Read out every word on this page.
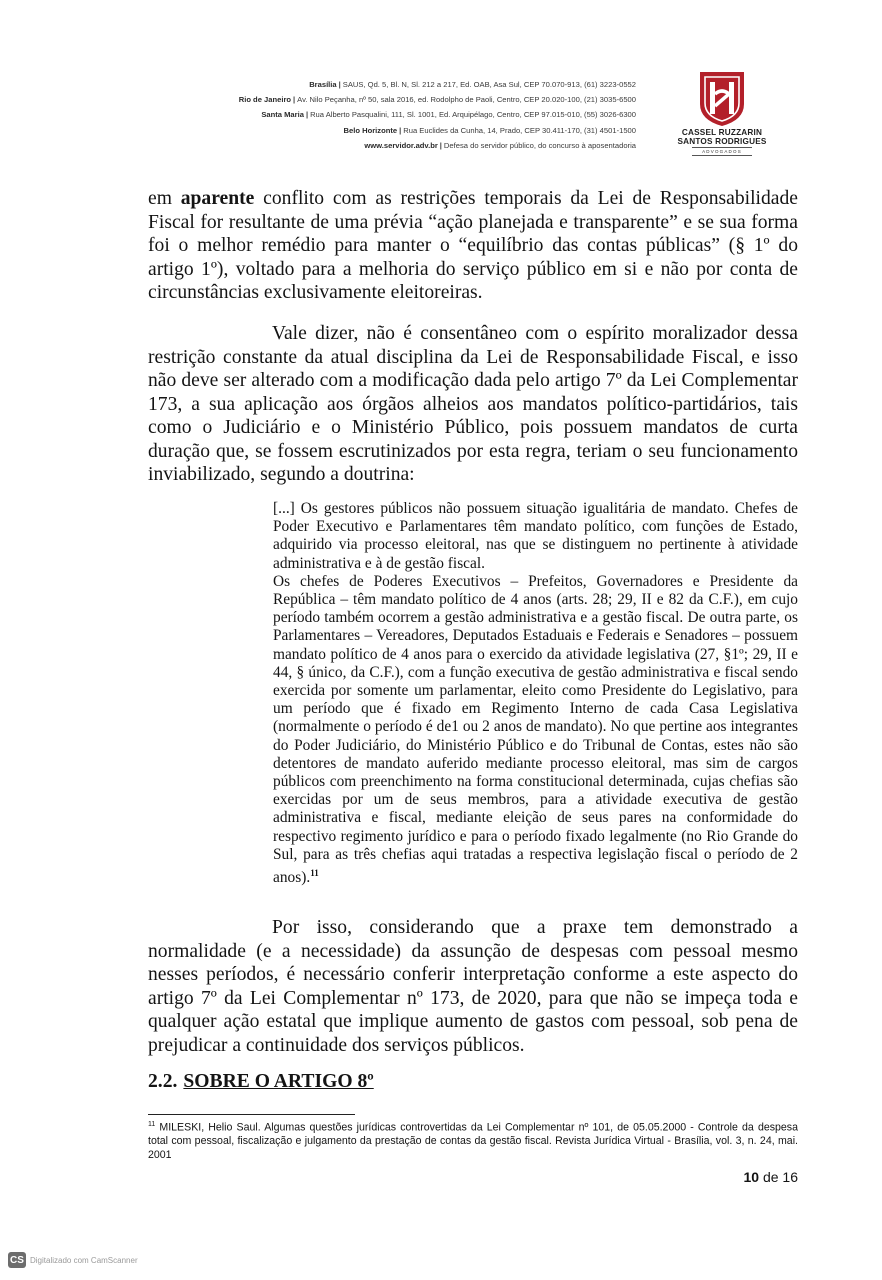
Brasília | SAUS, Qd. 5, Bl. N, Sl. 212 a 217, Ed. OAB, Asa Sul, CEP 70.070-913, (61) 3223-0552
Rio de Janeiro | Av. Nilo Peçanha, nº 50, sala 2016, ed. Rodolpho de Paoli, Centro, CEP 20.020-100, (21) 3035-6500
Santa Maria | Rua Alberto Pasqualini, 111, Sl. 1001, Ed. Arquipélago, Centro, CEP 97.015-010, (55) 3026-6300
Belo Horizonte | Rua Euclides da Cunha, 14, Prado, CEP 30.411-170, (31) 4501-1500
www.servidor.adv.br | Defesa do servidor público, do concurso à aposentadoria
CASSEL RUZZARIN
SANTOS RODRIGUES
ADVOGADOS

em aparente conflito com as restrições temporais da Lei de Responsabilidade Fiscal for resultante de uma prévia “ação planejada e transparente” e se sua forma foi o melhor remédio para manter o “equilíbrio das contas públicas” (§ 1º do artigo 1º), voltado para a melhoria do serviço público em si e não por conta de circunstâncias exclusivamente eleitoreiras.

Vale dizer, não é consentâneo com o espírito moralizador dessa restrição constante da atual disciplina da Lei de Responsabilidade Fiscal, e isso não deve ser alterado com a modificação dada pelo artigo 7º da Lei Complementar 173, a sua aplicação aos órgãos alheios aos mandatos político-partidários, tais como o Judiciário e o Ministério Público, pois possuem mandatos de curta duração que, se fossem escrutinizados por esta regra, teriam o seu funcionamento inviabilizado, segundo a doutrina:

[...] Os gestores públicos não possuem situação igualitária de mandato. Chefes de Poder Executivo e Parlamentares têm mandato político, com funções de Estado, adquirido via processo eleitoral, nas que se distinguem no pertinente à atividade administrativa e à de gestão fiscal.

Os chefes de Poderes Executivos – Prefeitos, Governadores e Presidente da República – têm mandato político de 4 anos (arts. 28; 29, II e 82 da C.F.), em cujo período também ocorrem a gestão administrativa e a gestão fiscal. De outra parte, os Parlamentares – Vereadores, Deputados Estaduais e Federais e Senadores – possuem mandato político de 4 anos para o exercido da atividade legislativa (27, §1º; 29, II e 44, § único, da C.F.), com a função executiva de gestão administrativa e fiscal sendo exercida por somente um parlamentar, eleito como Presidente do Legislativo, para um período que é fixado em Regimento Interno de cada Casa Legislativa (normalmente o período é de1 ou 2 anos de mandato). No que pertine aos integrantes do Poder Judiciário, do Ministério Público e do Tribunal de Contas, estes não são detentores de mandato auferido mediante processo eleitoral, mas sim de cargos públicos com preenchimento na forma constitucional determinada, cujas chefias são exercidas por um de seus membros, para a atividade executiva de gestão administrativa e fiscal, mediante eleição de seus pares na conformidade do respectivo regimento jurídico e para o período fixado legalmente (no Rio Grande do Sul, para as três chefias aqui tratadas a respectiva legislação fiscal o período de 2 anos).$^{11}$

Por isso, considerando que a praxe tem demonstrado a normalidade (e a necessidade) da assunção de despesas com pessoal mesmo nesses períodos, é necessário conferir interpretação conforme a este aspecto do artigo 7º da Lei Complementar nº 173, de 2020, para que não se impeça toda e qualquer ação estatal que implique aumento de gastos com pessoal, sob pena de prejudicar a continuidade dos serviços públicos.

2.2. SOBRE O ARTIGO 8º
$^{11}$ MILESKI, Helio Saul. Algumas questões jurídicas controvertidas da Lei Complementar nº 101, de 05.05.2000 - Controle da despesa total com pessoal, fiscalização e julgamento da prestação de contas da gestão fiscal. Revista Jurídica Virtual - Brasília, vol. 3, n. 24, mai. 2001
10 de 16
CS Digitalizado com CamScanner
